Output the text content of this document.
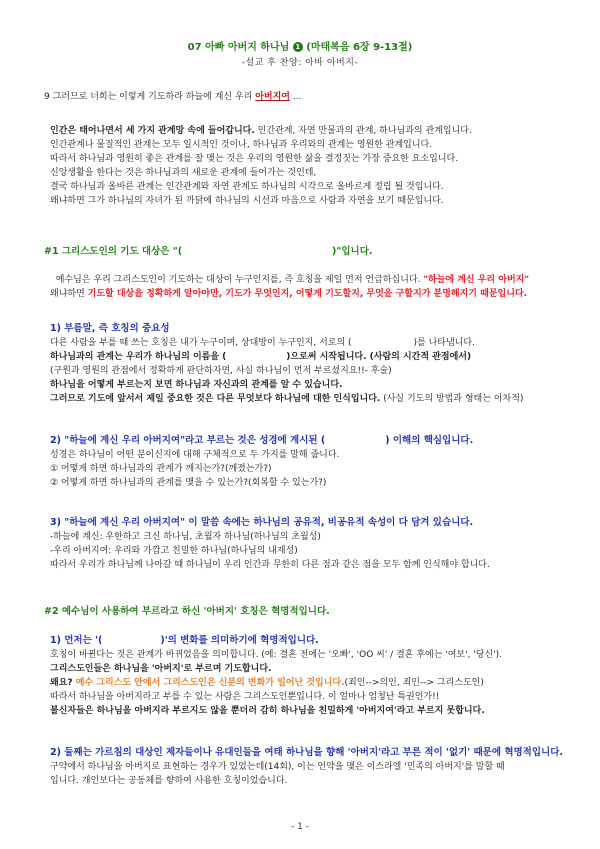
07 아빠 아버지 하나님 1 (마태복음 6장 9-13절)
-설교 후 찬양: 아바 아버지-
9 그러므로 너희는 이렇게 기도하라 하늘에 계신 우리 아버지여 ...
인간은 태어나면서 세 가지 관계망 속에 들어갑니다. 인간관계, 자연 만물과의 관계, 하나님과의 관계입니다.
인간관계나 물질적인 관계는 모두 일시적인 것이나, 하나님과 우리와의 관계는 영원한 관계입니다.
따라서 하나님과 영원히 좋은 관계를 잘 맺는 것은 우리의 영원한 삶을 결정짓는 가장 중요한 요소입니다.
신앙생활을 한다는 것은 하나님과의 새로운 관계에 들어가는 것인데,
결국 하나님과 올바른 관계는 인간관계와 자연 관계도 하나님의 시각으로 올바르게 정립 될 것입니다.
왜냐하면 그가 하나님의 자녀가 된 까닭에 하나님의 시선과 마음으로 사람과 자연을 보기 때문입니다.
#1 그리스도인의 기도 대상은 "(	)"입니다.
예수님은 우리 그리스도인이 기도하는 대상이 누구인지를, 즉 호칭을 제일 먼저 언급하십니다. "하늘에 계신 우리 아버지"
왜냐하면 기도할 대상을 정확하게 알아야만, 기도가 무엇인지, 어떻게 기도할지, 무엇을 구할지가 분명해지기 때문입니다.
1) 부름말, 즉 호칭의 중요성
다른 사람을 부를 때 쓰는 호칭은 내가 누구이며, 상대방이 누구인지, 서로의 (	)를 나타냅니다.
하나님과의 관계는 우리가 하나님의 이름을 (	)으로써 시작됩니다. (사람의 시간적 관점에서)
(구원과 영원의 관점에서 정확하게 판단하자면, 사실 하나님이 먼저 부르셨지요!!- 후술)
하나님을 어떻게 부르는지 보면 하나님과 자신과의 관계를 알 수 있습니다.
그러므로 기도에 앞서서 제일 중요한 것은 다른 무엇보다 하나님에 대한 인식입니다. (사실 기도의 방법과 형태는 이차적)
2) "하늘에 계신 우리 아버지여"라고 부르는 것은 성경에 계시된 (	) 이해의 핵심입니다.
성경은 하나님이 어떤 분이신지에 대해 구체적으로 두 가지를 말해 줍니다.
① 어떻게 하면 하나님과의 관계가 깨지는가?(깨졌는가?)
② 어떻게 하면 하나님과의 관계를 맺을 수 있는가?(회복할 수 있는가?)
3) "하늘에 계신 우리 아버지여" 이 말씀 속에는 하나님의 공유적, 비공유적 속성이 다 담겨 있습니다.
-하늘에 계신: 우한하고 크신 하나님, 초월자 하나님(하나님의 초월성)
-우리 아버지여: 우리와 가깝고 친밀한 하나님(하나님의 내재성)
따라서 우리가 하나님께 나아갈 때 하나님이 우리 인간과 무한히 다른 점과 같은 점을 모두 함께 인식해야 합니다.
#2 예수님이 사용하여 부르라고 하신 '아버지' 호칭은 혁명적입니다.
1) 먼저는 '(	)'의 변화를 의미하기에 혁명적입니다.
호칭이 바뀐다는 것은 관계가 바뀌었음을 의미합니다. (예: 결혼 전에는 '오빠', 'OO 씨' / 결혼 후에는 '여보', '당신').
그리스도인들은 하나님을 '아버지'로 부르며 기도합니다.
왜요? 예수 그리스도 안에서 그리스도인은 신분의 변화가 일어난 것입니다.(죄인-->의인, 죄인--> 그리스도인)
따라서 하나님을 아버지라고 부를 수 있는 사람은 그리스도인뿐입니다. 이 얼마나 엄청난 특권인가!!
불신자들은 하나님을 아버지라 부르지도 않을 뿐더러 감히 하나님을 친밀하게 '아버지여'라고 부르지 못합니다.
2) 둘째는 가르침의 대상인 제자들이나 유대인들을 여태 하나님을 향해 '아버지'라고 부른 적이 '없기' 때문에 혁명적입니다.
구약에서 하나님을 아버지로 표현하는 경우가 있었는데(14회), 이는 언약을 맺은 이스라엘 '민족의 아버지'를 말할 때
입니다. 개인보다는 공동체를 향하여 사용한 호칭이었습니다.
- 1 -
